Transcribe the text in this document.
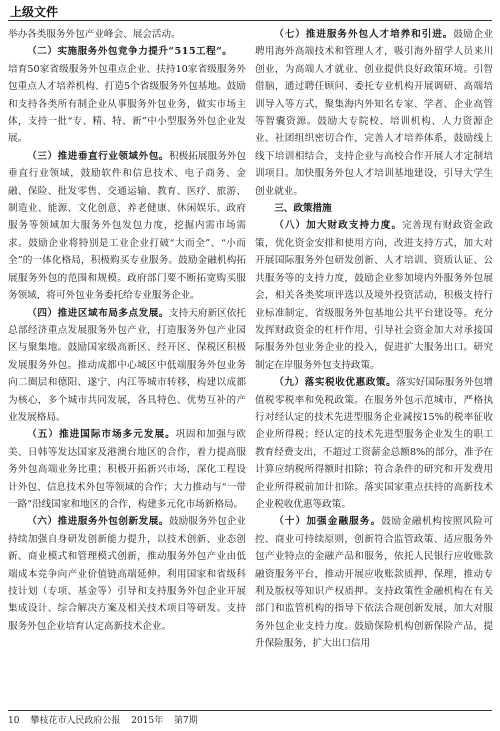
上级文件

举办各类服务外包产业峰会、展会活动。

（二）实施服务外包竞争力提升“515工程”。

培育50家省级服务外包重点企业、扶持10家省级服务外包重点人才培养机构、打造5个省级服务外包基地。鼓励和支持各类所有制企业从事服务外包业务，做实市场主体，支持一批“专、精、特、新”中小型服务外包企业发展。

（三）推进垂直行业领域外包。积极拓展服务外包垂直行业领域，鼓励软件和信息技术、电子商务、金融、保险、批发零售、交通运输、教育、医疗、旅游、制造业、能源、文化创意、养老健康、休闲娱乐、政府服务等领域加大服务外包发包力度，挖掘内需市场需求。鼓励企业将特别是工业企业打破“大而全”、“小而全”的一体化格局，积极购买专业服务。鼓励金融机构拓展服务外包的范围和规模。政府部门要不断拓宽购买服务领域，将可外包业务委托给专业服务企业。

（四）推进区域布局多点发展。支持天府新区依托总部经济重点发展服务外包产业，打造服务外包产业园区与聚集地。鼓励国家级高新区、经开区、保税区积极发展服务外包。推动成都中心城区中低端服务外包业务向二圈层和德阳、遂宁、内江等城市转移，构建以成都为核心，多个城市共同发展，各具特色、优势互补的产业发展格局。

（五）推进国际市场多元发展。巩固和加强与欧美、日韩等发达国家及港澳台地区的合作，着力提高服务外包高端业务比重；积极开拓新兴市场，深化工程设计外包、信息技术外包等领域的合作；大力推动与“一带一路”沿线国家和地区的合作，构建多元化市场新格局。

（六）推进服务外包创新发展。鼓励服务外包企业持续加强自身研发创新能力提升，以技术创新、业态创新、商业模式和管理模式创新，推动服务外包产业由低端成本竞争向产业价值链高端延伸。利用国家和省级科技计划（专项、基金等）引导和支持服务外包企业开展集成设计、综合解决方案及相关技术项目等研发。支持服务外包企业培育认定高新技术企业。

（七）推进服务外包人才培养和引进。鼓励企业聘用海外高端技术和管理人才，吸引海外留学人员来川创业，为高端人才就业、创业提供良好政策环境。引智借脑，通过聘任顾问、委托专业机构开展调研、高端培训导入等方式，聚集海内外知名专家、学者、企业高管等智囊资源。鼓励大专院校、培训机构、人力资源企业、社团组织密切合作，完善人才培养体系，鼓励线上线下培训相结合，支持企业与高校合作开展人才定制培训项目。加快服务外包人才培训基地建设，引导大学生创业就业。

三、政策措施

（八）加大财政支持力度。完善现有财政资金政策，优化资金安排和使用方向，改进支持方式，加大对开展国际服务外包研发创新、人才培训、资质认证、公共服务等的支持力度，鼓励企业参加境内外服务外包展会，相关各类奖项评选以及境外投资活动，积极支持行业标准制定、省级服务外包基地公共平台建设等。充分发挥财政资金的杠杆作用，引导社会资金加大对承接国际服务外包业务企业的投入，促进扩大服务出口。研究制定在岸服务外包支持政策。

（九）落实税收优惠政策。落实好国际服务外包增值税零税率和免税政策。在服务外包示范城市，严格执行对经认定的技术先进型服务企业减按15%的税率征收企业所得税；经认定的技术先进型服务企业发生的职工教育经费支出，不超过工资薪金总额8%的部分，准予在计算应纳税所得额时扣除；符合条件的研究和开发费用企业所得税前加计扣除。落实国家重点扶持的高新技术企业税收优惠等政策。

（十）加强金融服务。鼓励金融机构按照风险可控、商业可持续原则，创新符合监管政策、适应服务外包产业特点的金融产品和服务，依托人民银行应收账款融资服务平台，推动开展应收账款质押、保理，推动专利及版权等知识产权质押。支持政策性金融机构在有关部门和监管机构的指导下依法合规创新发展，加大对服务外包企业支持力度。鼓励保险机构创新保险产品，提升保险服务，扩大出口信用

10 攀枝花市人民政府公报 2015年 第7期
